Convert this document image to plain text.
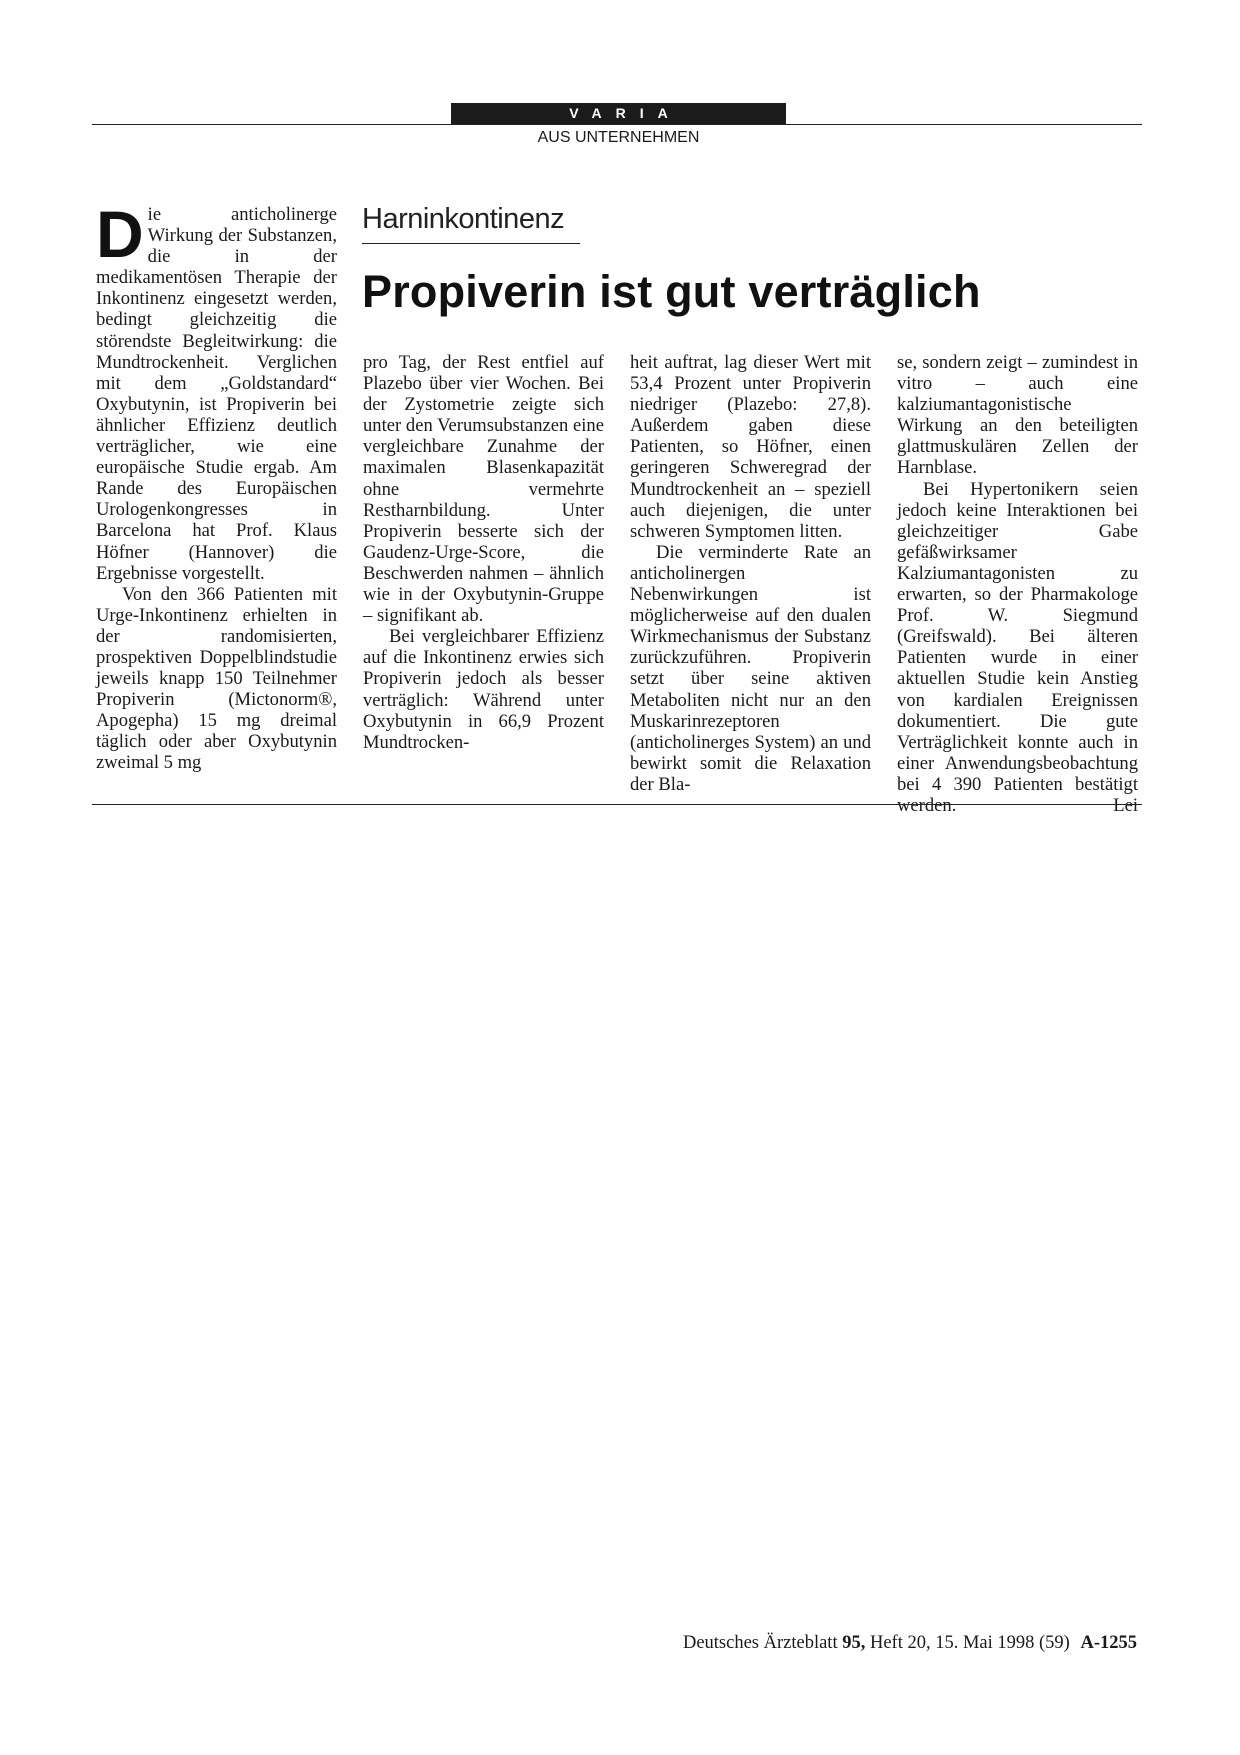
VARIA
AUS UNTERNEHMEN
Harninkontinenz
Propiverin ist gut verträglich

Die anticholinerge Wirkung der Substanzen, die in der medikamentösen Therapie der Inkontinenz eingesetzt werden, bedingt gleichzeitig die störendste Begleitwirkung: die Mundtrockenheit. Verglichen mit dem „Goldstandard“ Oxybutynin, ist Propiverin bei ähnlicher Effizienz deutlich verträglicher, wie eine europäische Studie ergab. Am Rande des Europäischen Urologenkongresses in Barcelona hat Prof. Klaus Höfner (Hannover) die Ergebnisse vorgestellt.

Von den 366 Patienten mit Urge-Inkontinenz erhielten in der randomisierten, prospektiven Doppelblindstudie jeweils knapp 150 Teilnehmer Propiverin (Mictonorm®, Apogepha) 15 mg dreimal täglich oder aber Oxybutynin zweimal 5 mg

pro Tag, der Rest entfiel auf Plazebo über vier Wochen. Bei der Zystometrie zeigte sich unter den Verumsubstanzen eine vergleichbare Zunahme der maximalen Blasenkapazität ohne vermehrte Restharnbildung. Unter Propiverin besserte sich der Gaudenz-Urge-Score, die Beschwerden nahmen – ähnlich wie in der Oxybutynin-Gruppe – signifikant ab.

Bei vergleichbarer Effizienz auf die Inkontinenz erwies sich Propiverin jedoch als besser verträglich: Während unter Oxybutynin in 66,9 Prozent Mundtrocken-

heit auftrat, lag dieser Wert mit 53,4 Prozent unter Propiverin niedriger (Plazebo: 27,8). Außerdem gaben diese Patienten, so Höfner, einen geringeren Schweregrad der Mundtrockenheit an – speziell auch diejenigen, die unter schweren Symptomen litten.

Die verminderte Rate an anticholinergen Nebenwirkungen ist möglicherweise auf den dualen Wirkmechanismus der Substanz zurückzuführen. Propiverin setzt über seine aktiven Metaboliten nicht nur an den Muskarinrezeptoren (anticholinerges System) an und bewirkt somit die Relaxation der Bla-

se, sondern zeigt – zumindest in vitro – auch eine kalziumantagonistische Wirkung an den beteiligten glattmuskulären Zellen der Harnblase.

Bei Hypertonikern seien jedoch keine Interaktionen bei gleichzeitiger Gabe gefäßwirksamer Kalziumantagonisten zu erwarten, so der Pharmakologe Prof. W. Siegmund (Greifswald). Bei älteren Patienten wurde in einer aktuellen Studie kein Anstieg von kardialen Ereignissen dokumentiert. Die gute Verträglichkeit konnte auch in einer Anwendungsbeobachtung bei 4 390 Patienten bestätigt werden.	Lei

Deutsches Ärzteblatt 95, Heft 20, 15. Mai 1998 (59) A-1255
